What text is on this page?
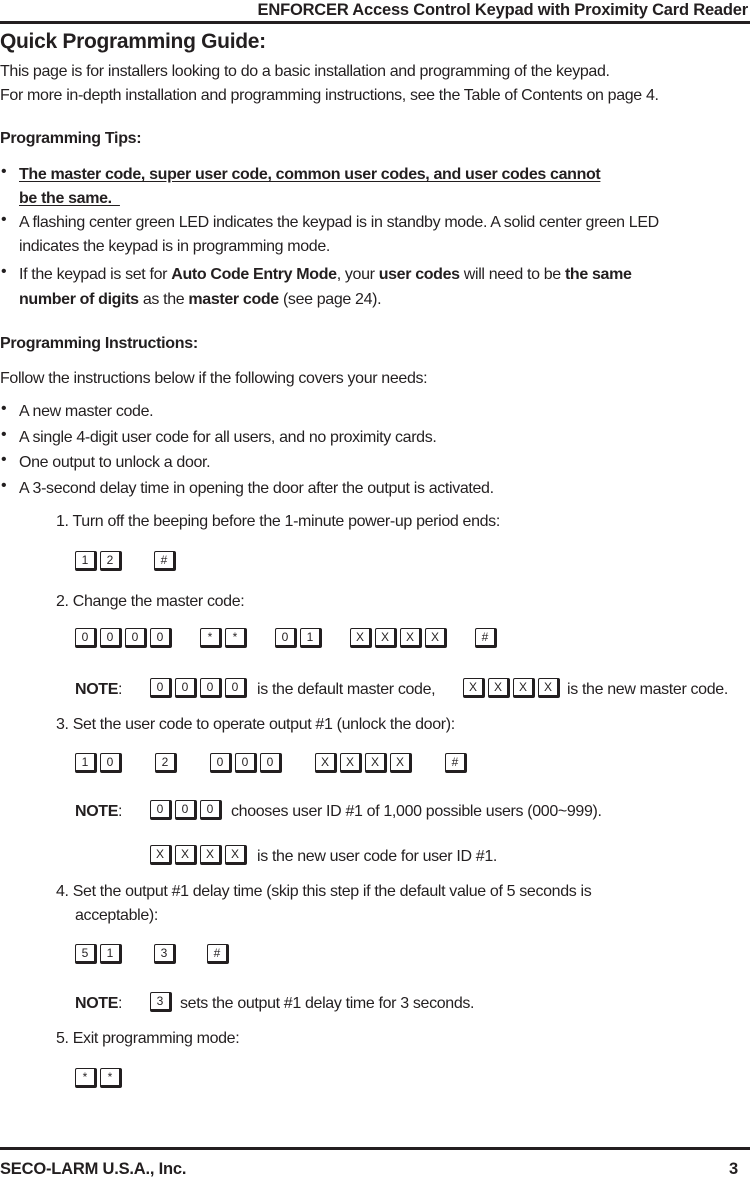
ENFORCER Access Control Keypad with Proximity Card Reader
Quick Programming Guide:
This page is for installers looking to do a basic installation and programming of the keypad.
For more in-depth installation and programming instructions, see the Table of Contents on page 4.
Programming Tips:
• The master code, super user code, common user codes, and user codes cannot
be the same.
• A flashing center green LED indicates the keypad is in standby mode. A solid center green LED
indicates the keypad is in programming mode.
• If the keypad is set for Auto Code Entry Mode, your user codes will need to be the same
number of digits as the master code (see page 24).
Programming Instructions:
Follow the instructions below if the following covers your needs:
• A new master code.
• A single 4-digit user code for all users, and no proximity cards.
• One output to unlock a door.
• A 3-second delay time in opening the door after the output is activated.
1. Turn off the beeping before the 1-minute power-up period ends:
1	2	#
2. Change the master code:
0	0	0	0	*	*	0	1	X	X	X	X	#
NOTE:	0	0	0	0	is the default master code,	X	X	X	X is the new master code.
3. Set the user code to operate output #1 (unlock the door):
1	0	2	0	0	0	X	X	X	X	#
NOTE:	0	0	0	chooses user ID #1 of 1,000 possible users (000~999).
X	X	X	X	is the new user code for user ID #1.
4. Set the output #1 delay time (skip this step if the default value of 5 seconds is
acceptable):
5	1	3	#
NOTE:	3	sets the output #1 delay time for 3 seconds.
5. Exit programming mode:
*	*
SECO-LARM U.S.A., Inc.	3
